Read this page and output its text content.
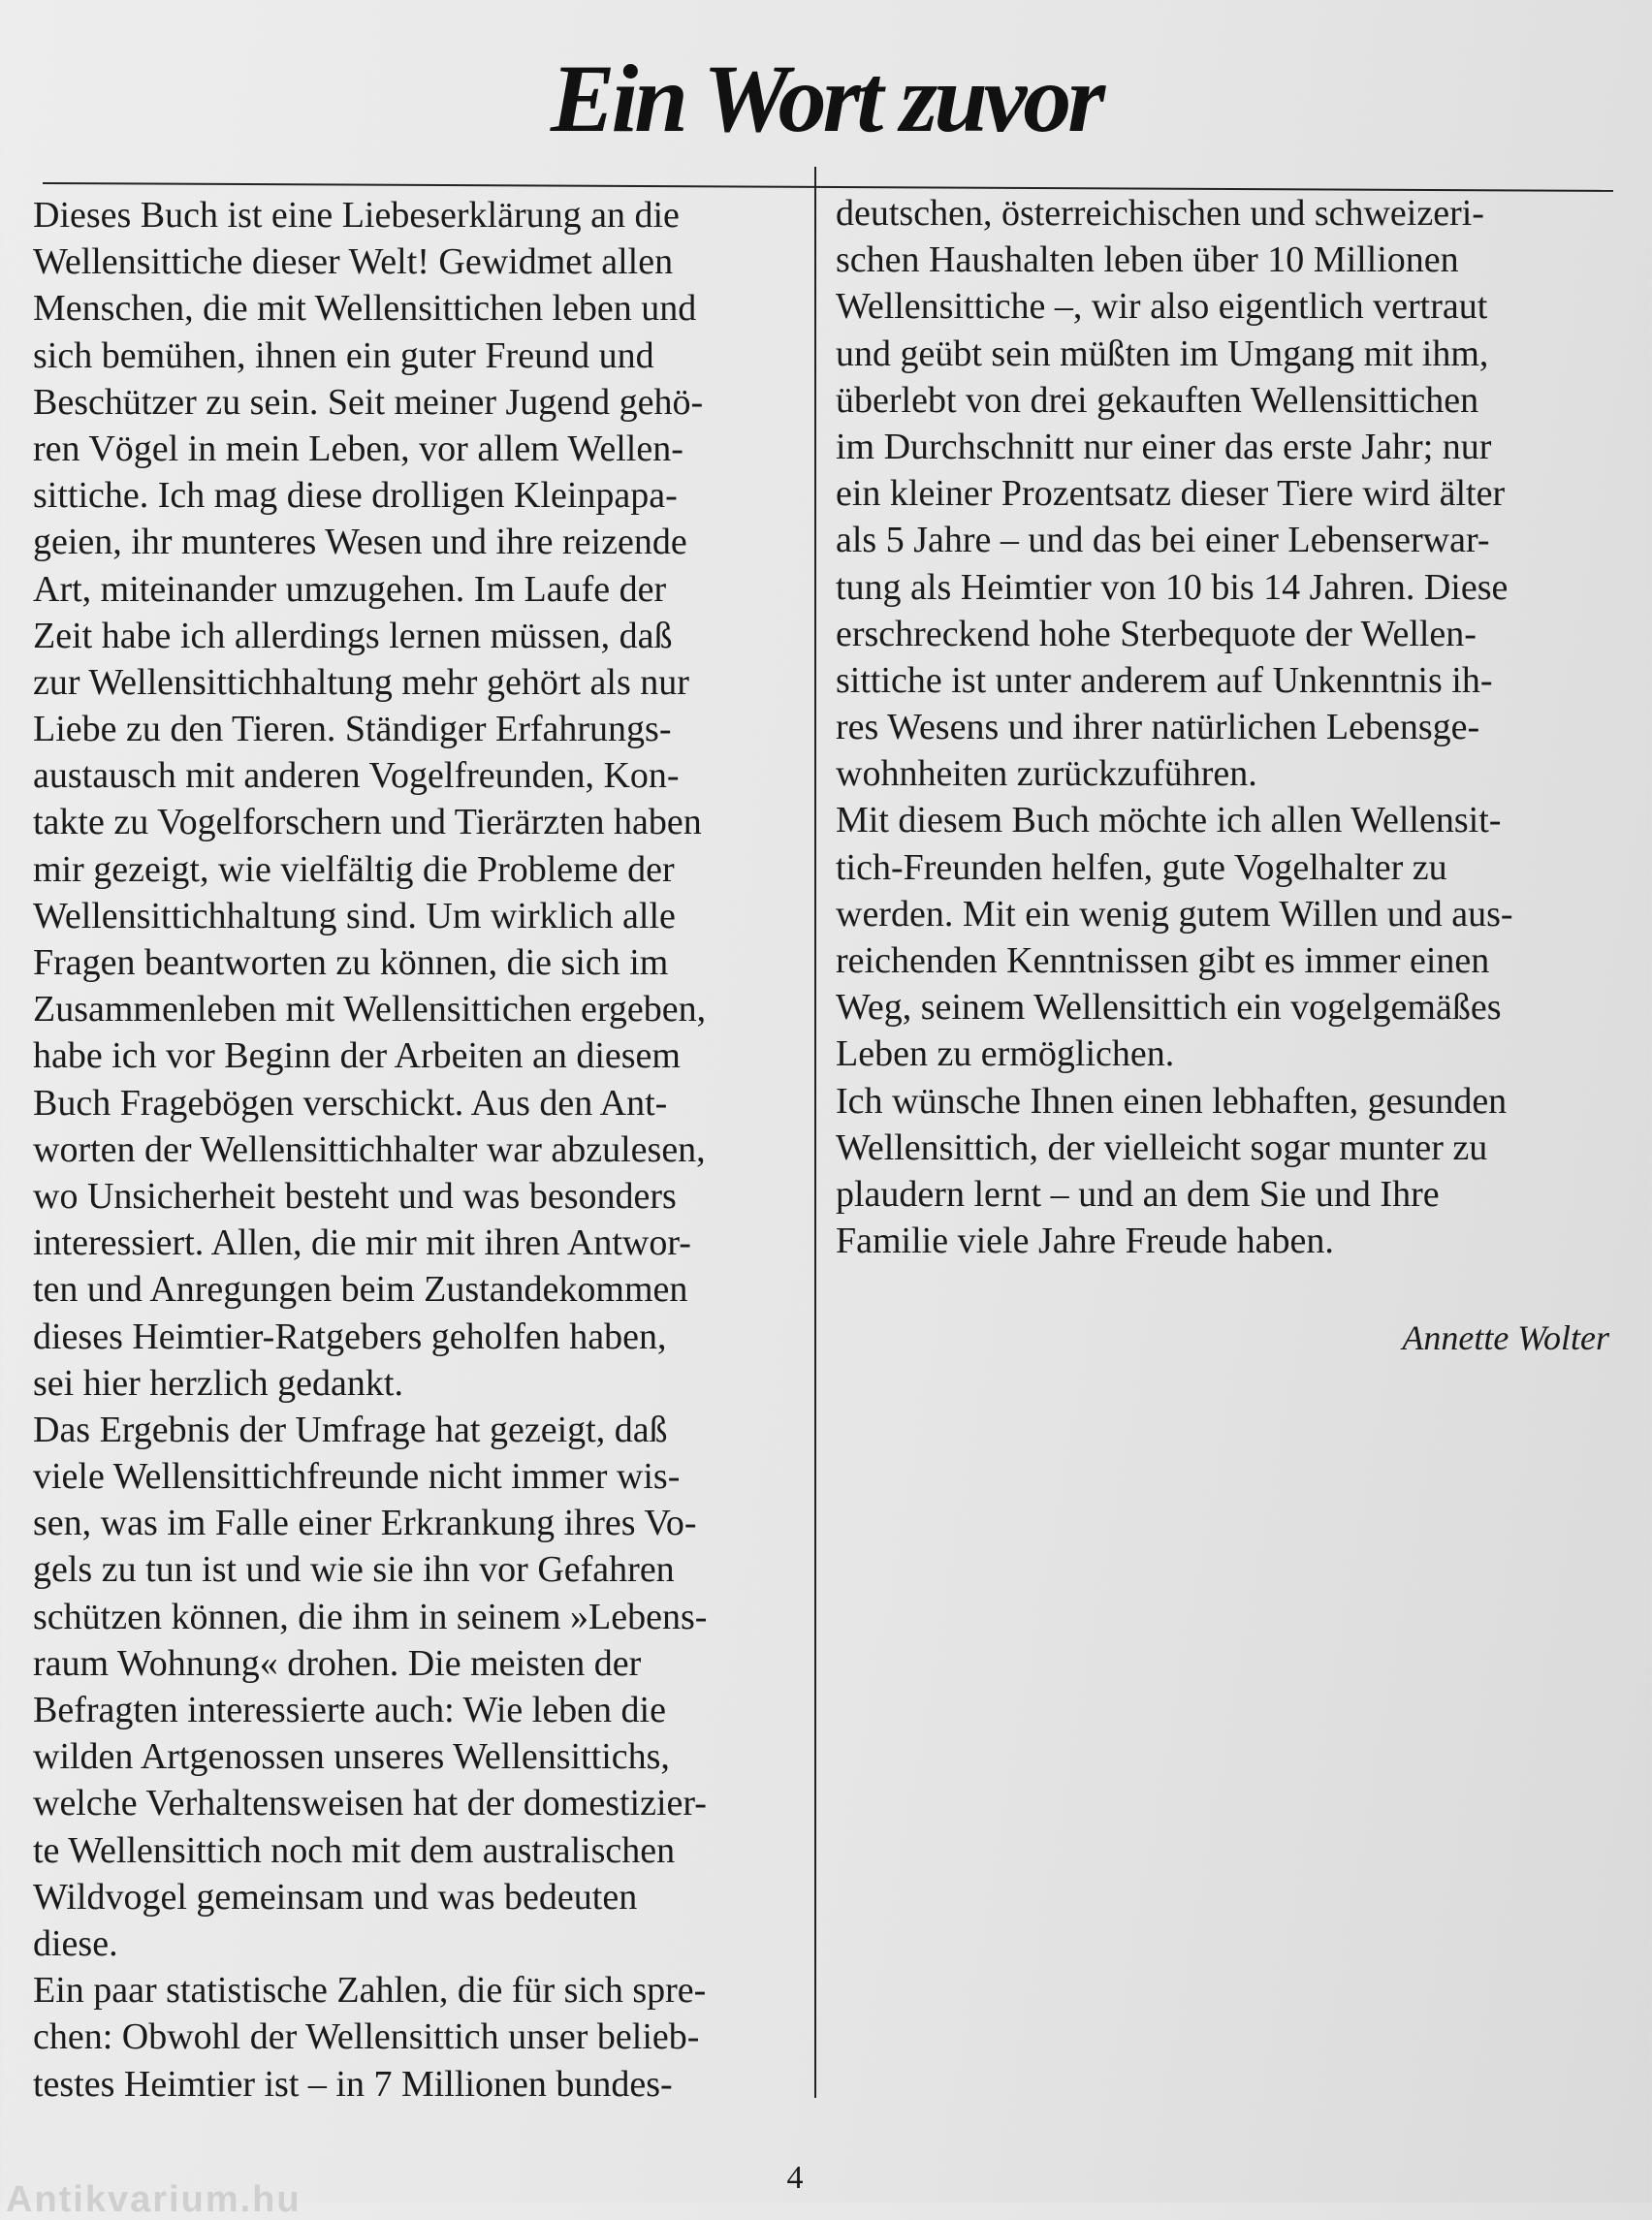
Ein Wort zuvor
Dieses Buch ist eine Liebeserklärung an die
Wellensittiche dieser Welt! Gewidmet allen
Menschen, die mit Wellensittichen leben und
sich bemühen, ihnen ein guter Freund und
Beschützer zu sein. Seit meiner Jugend gehö-
ren Vögel in mein Leben, vor allem Wellen-
sittiche. Ich mag diese drolligen Kleinpapa-
geien, ihr munteres Wesen und ihre reizende
Art, miteinander umzugehen. Im Laufe der
Zeit habe ich allerdings lernen müssen, daß
zur Wellensittichhaltung mehr gehört als nur
Liebe zu den Tieren. Ständiger Erfahrungs-
austausch mit anderen Vogelfreunden, Kon-
takte zu Vogelforschern und Tierärzten haben
mir gezeigt, wie vielfältig die Probleme der
Wellensittichhaltung sind. Um wirklich alle
Fragen beantworten zu können, die sich im
Zusammenleben mit Wellensittichen ergeben,
habe ich vor Beginn der Arbeiten an diesem
Buch Fragebögen verschickt. Aus den Ant-
worten der Wellensittichhalter war abzulesen,
wo Unsicherheit besteht und was besonders
interessiert. Allen, die mir mit ihren Antwor-
ten und Anregungen beim Zustandekommen
dieses Heimtier-Ratgebers geholfen haben,
sei hier herzlich gedankt.
Das Ergebnis der Umfrage hat gezeigt, daß
viele Wellensittichfreunde nicht immer wis-
sen, was im Falle einer Erkrankung ihres Vo-
gels zu tun ist und wie sie ihn vor Gefahren
schützen können, die ihm in seinem »Lebens-
raum Wohnung« drohen. Die meisten der
Befragten interessierte auch: Wie leben die
wilden Artgenossen unseres Wellensittichs,
welche Verhaltensweisen hat der domestizier-
te Wellensittich noch mit dem australischen
Wildvogel gemeinsam und was bedeuten
diese.
Ein paar statistische Zahlen, die für sich spre-
chen: Obwohl der Wellensittich unser belieb-
testes Heimtier ist – in 7 Millionen bundes-
deutschen, österreichischen und schweizeri-
schen Haushalten leben über 10 Millionen
Wellensittiche –, wir also eigentlich vertraut
und geübt sein müßten im Umgang mit ihm,
überlebt von drei gekauften Wellensittichen
im Durchschnitt nur einer das erste Jahr; nur
ein kleiner Prozentsatz dieser Tiere wird älter
als 5 Jahre – und das bei einer Lebenserwar-
tung als Heimtier von 10 bis 14 Jahren. Diese
erschreckend hohe Sterbequote der Wellen-
sittiche ist unter anderem auf Unkenntnis ih-
res Wesens und ihrer natürlichen Lebensge-
wohnheiten zurückzuführen.
Mit diesem Buch möchte ich allen Wellensit-
tich-Freunden helfen, gute Vogelhalter zu
werden. Mit ein wenig gutem Willen und aus-
reichenden Kenntnissen gibt es immer einen
Weg, seinem Wellensittich ein vogelgemäßes
Leben zu ermöglichen.
Ich wünsche Ihnen einen lebhaften, gesunden
Wellensittich, der vielleicht sogar munter zu
plaudern lernt – und an dem Sie und Ihre
Familie viele Jahre Freude haben.
Annette Wolter
4
Antikvarium.hu
